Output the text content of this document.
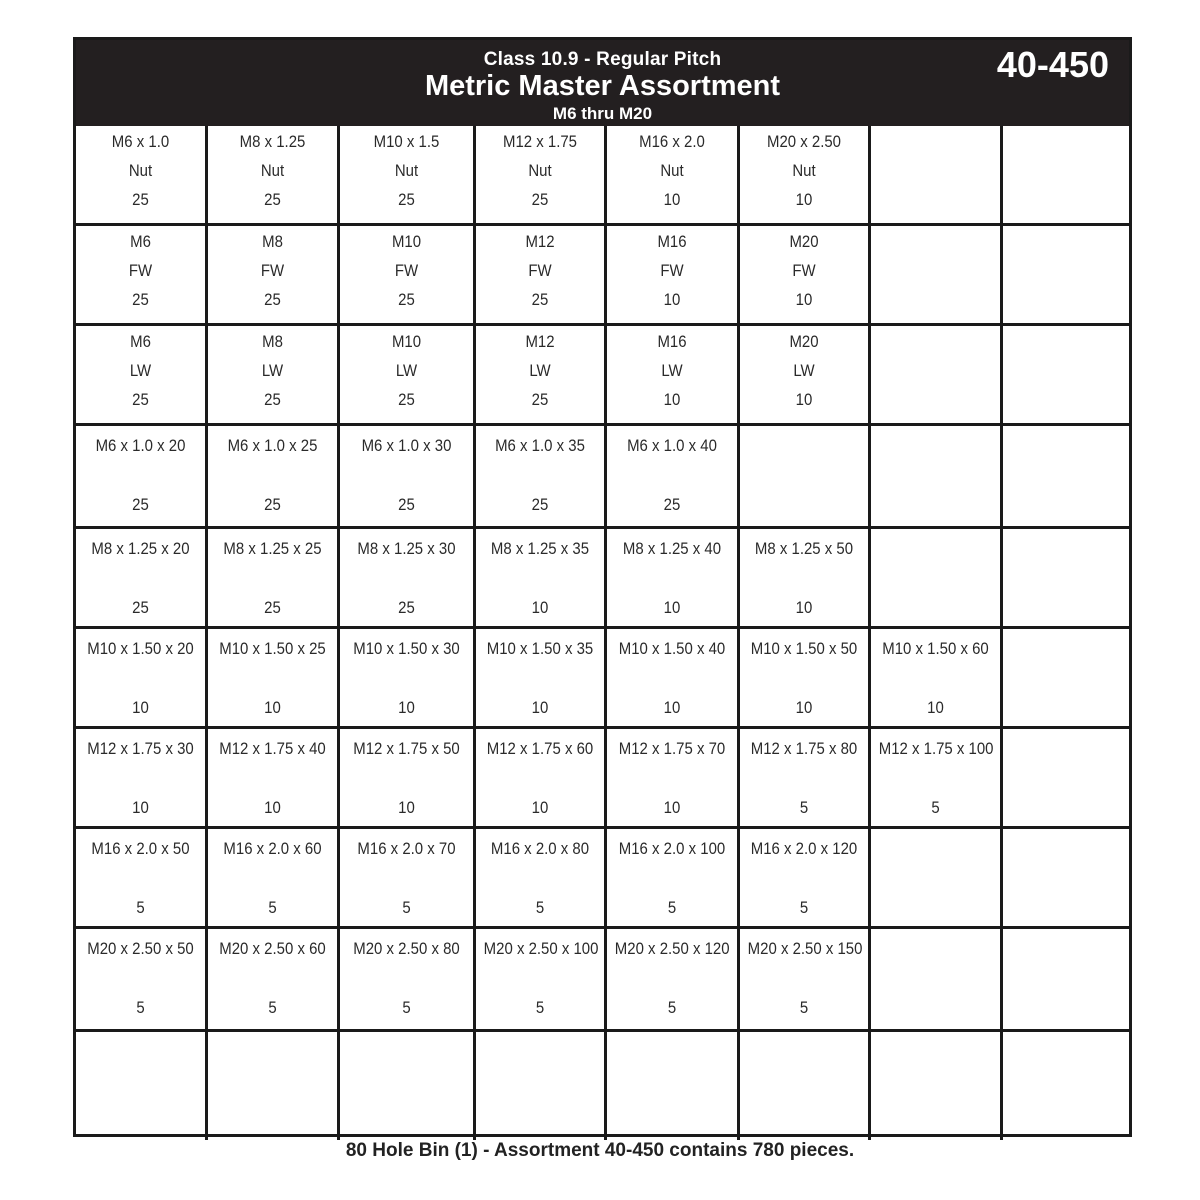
Class 10.9 - Regular Pitch
Metric Master Assortment
M6 thru M20
40-450
M6 x 1.0
Nut
25
M8 x 1.25
Nut
25
M10 x 1.5
Nut
25
M12 x 1.75
Nut
25
M16 x 2.0
Nut
10
M20 x 2.50
Nut
10
M6
FW
25
M8
FW
25
M10
FW
25
M12
FW
25
M16
FW
10
M20
FW
10
M6
LW
25
M8
LW
25
M10
LW
25
M12
LW
25
M16
LW
10
M20
LW
10
M6 x 1.0 x 20
25
M6 x 1.0 x 25
25
M6 x 1.0 x 30
25
M6 x 1.0 x 35
25
M6 x 1.0 x 40
25
M8 x 1.25 x 20
25
M8 x 1.25 x 25
25
M8 x 1.25 x 30
25
M8 x 1.25 x 35
10
M8 x 1.25 x 40
10
M8 x 1.25 x 50
10
M10 x 1.50 x 20
10
M10 x 1.50 x 25
10
M10 x 1.50 x 30
10
M10 x 1.50 x 35
10
M10 x 1.50 x 40
10
M10 x 1.50 x 50
10
M10 x 1.50 x 60
10
M12 x 1.75 x 30
10
M12 x 1.75 x 40
10
M12 x 1.75 x 50
10
M12 x 1.75 x 60
10
M12 x 1.75 x 70
10
M12 x 1.75 x 80
5
M12 x 1.75 x 100
5
M16 x 2.0 x 50
5
M16 x 2.0 x 60
5
M16 x 2.0 x 70
5
M16 x 2.0 x 80
5
M16 x 2.0 x 100
5
M16 x 2.0 x 120
5
M20 x 2.50 x 50
5
M20 x 2.50 x 60
5
M20 x 2.50 x 80
5
M20 x 2.50 x 100
5
M20 x 2.50 x 120
5
M20 x 2.50 x 150
5
80 Hole Bin (1) - Assortment 40-450 contains 780 pieces.
